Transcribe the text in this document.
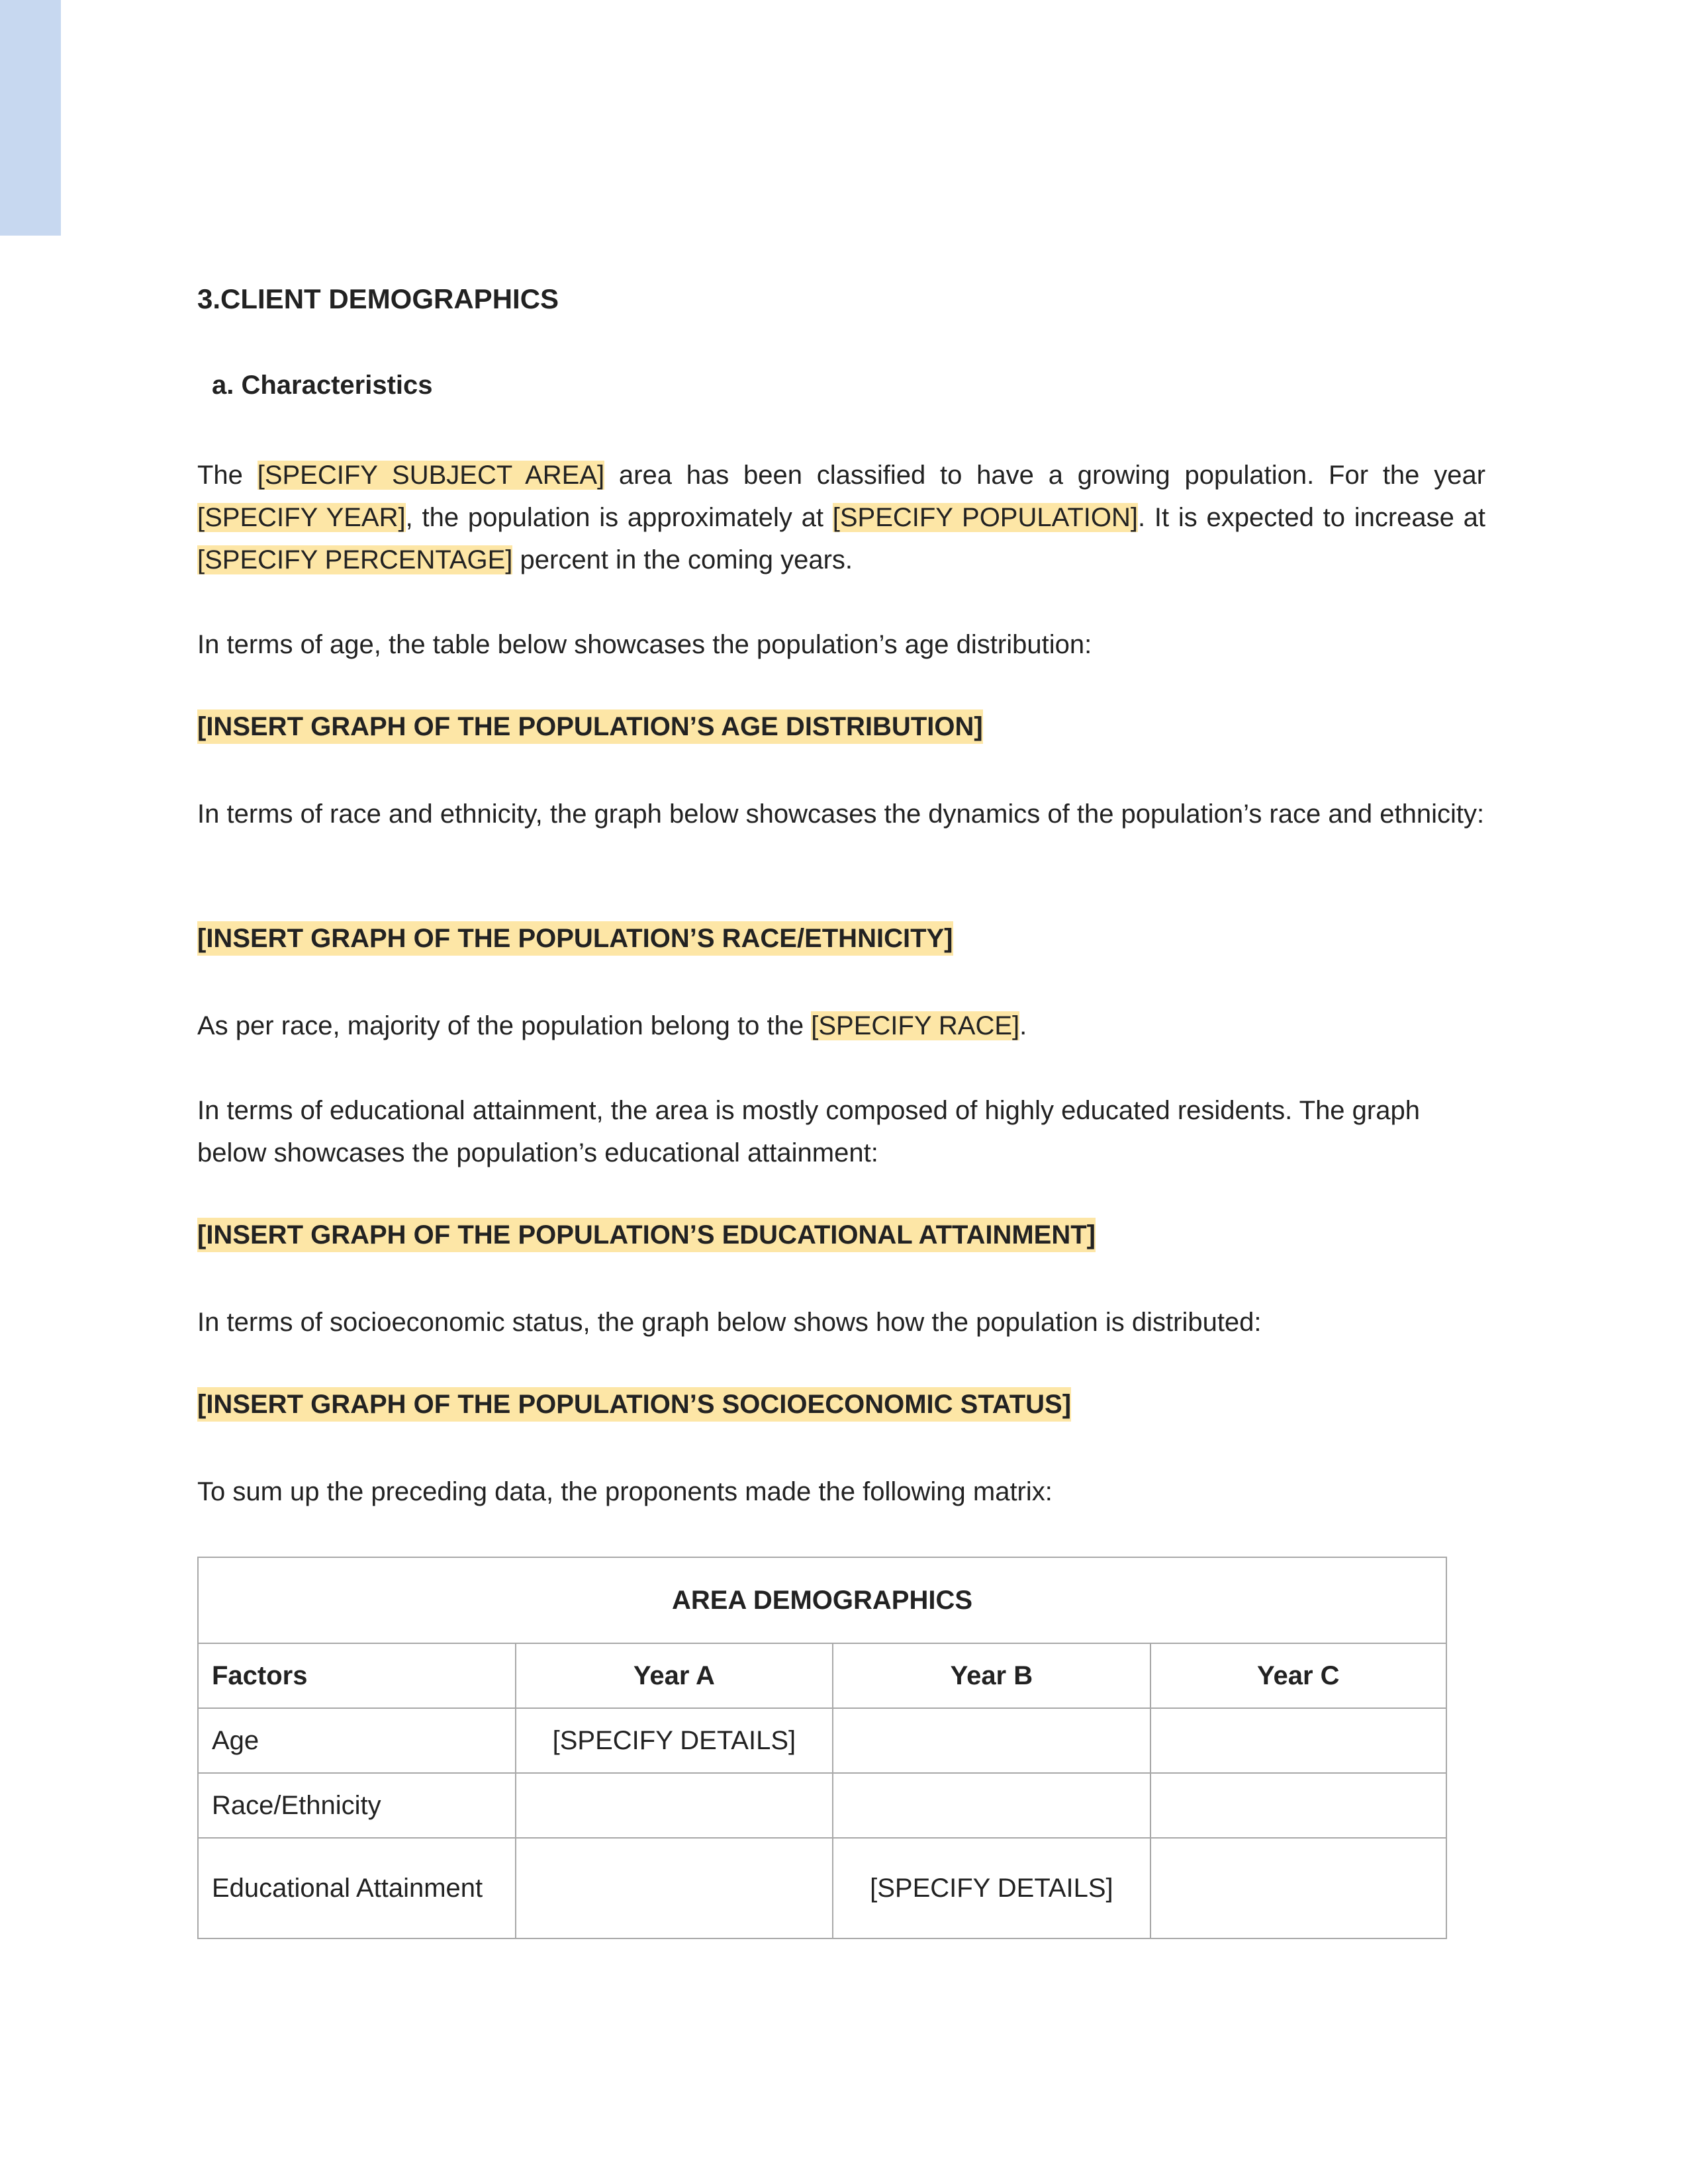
3.CLIENT DEMOGRAPHICS
a. Characteristics

The [SPECIFY SUBJECT AREA] area has been classified to have a growing population. For the year [SPECIFY YEAR], the population is approximately at [SPECIFY POPULATION]. It is expected to increase at [SPECIFY PERCENTAGE] percent in the coming years.

In terms of age, the table below showcases the population’s age distribution:

[INSERT GRAPH OF THE POPULATION’S AGE DISTRIBUTION]

In terms of race and ethnicity, the graph below showcases the dynamics of the population’s race and ethnicity:

[INSERT GRAPH OF THE POPULATION’S RACE/ETHNICITY]

As per race, majority of the population belong to the [SPECIFY RACE].

In terms of educational attainment, the area is mostly composed of highly educated residents. The graph below showcases the population’s educational attainment:

[INSERT GRAPH OF THE POPULATION’S EDUCATIONAL ATTAINMENT]

In terms of socioeconomic status, the graph below shows how the population is distributed:

[INSERT GRAPH OF THE POPULATION’S SOCIOECONOMIC STATUS]

To sum up the preceding data, the proponents made the following matrix:

AREA DEMOGRAPHICS			
Factors	Year A	Year B	Year C
Age	[SPECIFY DETAILS]		
Race/Ethnicity			
Educational Attainment		[SPECIFY DETAILS]	
